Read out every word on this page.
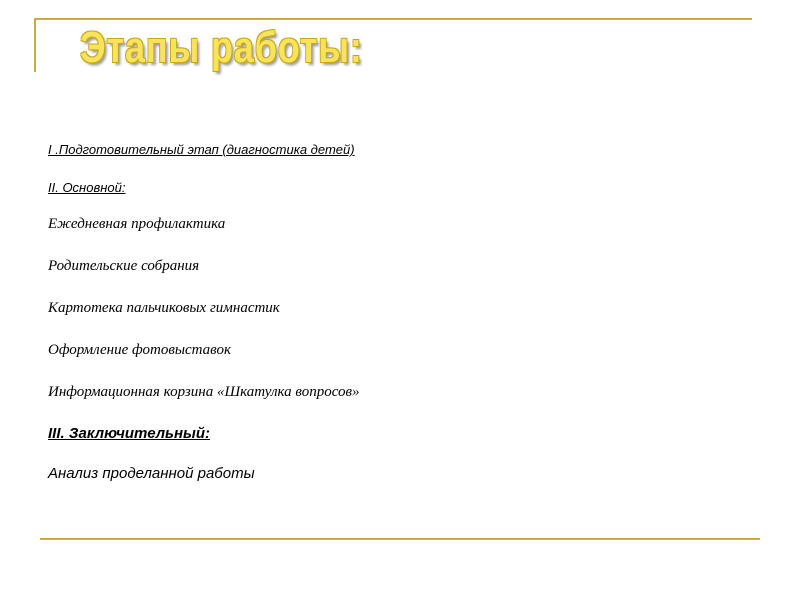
Этапы работы:
I .Подготовительный этап (диагностика детей)
II. Основной:
Ежедневная профилактика
Родительские собрания
Картотека пальчиковых гимнастик
Оформление фотовыставок
Информационная корзина «Шкатулка вопросов»
III. Заключительный:
Анализ проделанной работы
